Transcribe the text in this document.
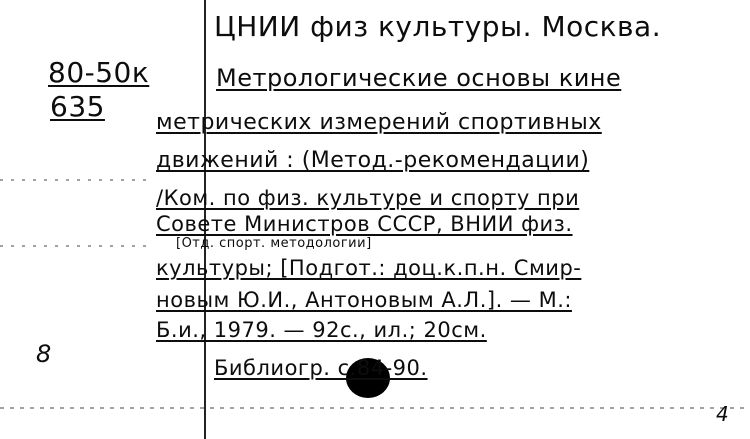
ЦНИИ физ культуры. Москва.
80-50к
635
Метрологические основы кине
метрических измерений спортивных
движений : (Метод.-рекомендации)
/Ком. по физ. культуре и спорту при
Совете Министров СССР, ВНИИ физ.
[Отд. спорт. методологии]
культуры; [Подгот.: доц.к.п.н. Смир-
новым Ю.И., Антоновым А.Л.]. — М.:
Б.и., 1979. — 92с., ил.; 20см.
Библиогр. с.84-90.
8
4
